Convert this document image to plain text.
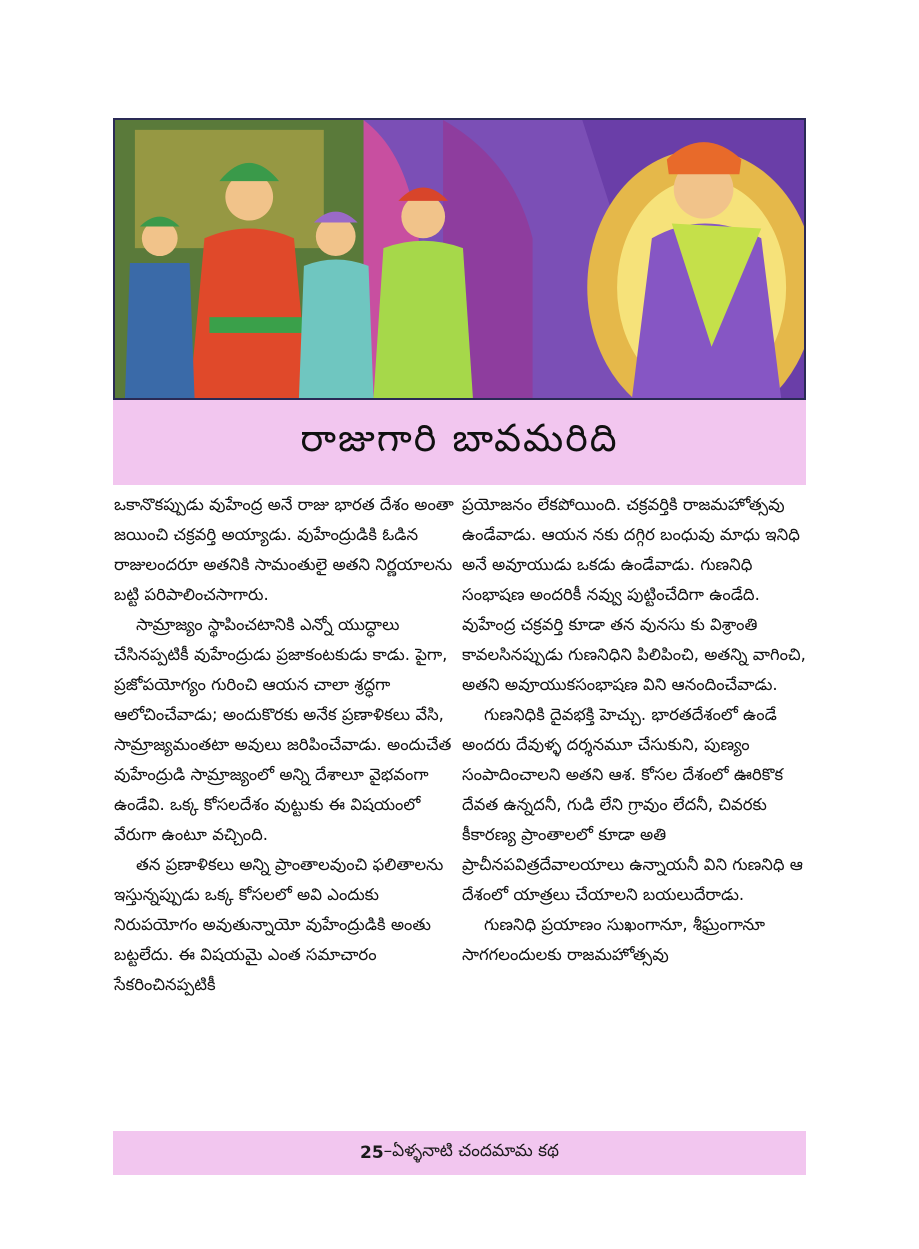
రాజుగారి బావమరిది

ఒకానొకప్పుడు వుహేంద్ర అనే రాజు భారత దేశం అంతా జయించి చక్రవర్తి అయ్యాడు. వుహేంద్రుడికి ఓడిన రాజులందరూ అతనికి సామంతులై అతని నిర్ణయాలను బట్టి పరిపాలించసాగారు.

సామ్రాజ్యం స్థాపించటానికి ఎన్నో యుద్ధాలు చేసినప్పటికీ వుహేంద్రుడు ప్రజాకంటకుడు కాడు. పైగా, ప్రజోపయోగ్యం గురించి ఆయన చాలా శ్రద్ధగా ఆలోచించేవాడు; అందుకొరకు అనేక ప్రణాళికలు వేసి, సామ్రాజ్యమంతటా అవులు జరిపించేవాడు. అందుచేత వుహేంద్రుడి సామ్రాజ్యంలో అన్ని దేశాలూ వైభవంగా ఉండేవి. ఒక్క కోసలదేశం వుట్టుకు ఈ విషయంలో వేరుగా ఉంటూ వచ్చింది.

తన ప్రణాళికలు అన్ని ప్రాంతాలవుంచి ఫలితాలను ఇస్తున్నప్పుడు ఒక్క కోసలలో అవి ఎందుకు నిరుపయోగం అవుతున్నాయో వుహేంద్రుడికి అంతు బట్టలేదు. ఈ విషయమై ఎంత సమాచారం సేకరించినప్పటికీ

ప్రయోజనం లేకపోయింది. చక్రవర్తికి రాజమహోత్సవు ఉండేవాడు. ఆయన నకు దగ్గిర బంధువు మాధు ఇనిధి అనే అవూయుడు ఒకడు ఉండేవాడు. గుణనిధి సంభాషణ అందరికీ నవ్వు పుట్టించేదిగా ఉండేది. వుహేంద్ర చక్రవర్తి కూడా తన వునసు కు విశ్రాంతి కావలసినప్పుడు గుణనిధిని పిలిపించి, అతన్ని వాగించి, అతని అవూయుకసంభాషణ విని ఆనందించేవాడు.

గుణనిధికి దైవభక్తి హెచ్చు. భారతదేశంలో ఉండే అందరు దేవుళ్ళ దర్శనమూ చేసుకుని, పుణ్యం సంపాదించాలని అతని ఆశ. కోసల దేశంలో ఊరికొక దేవత ఉన్నదనీ, గుడి లేని గ్రావుం లేదనీ, చివరకు కీకారణ్య ప్రాంతాలలో కూడా అతి ప్రాచీనపవిత్రదేవాలయాలు ఉన్నాయనీ విని గుణనిధి ఆ దేశంలో యాత్రలు చేయాలని బయలుదేరాడు.

గుణనిధి ప్రయాణం సుఖంగానూ, శీఘ్రంగానూ సాగగలందులకు రాజమహోత్సవు

25 –ఏళ్ళనాటి చందమామ కథ
